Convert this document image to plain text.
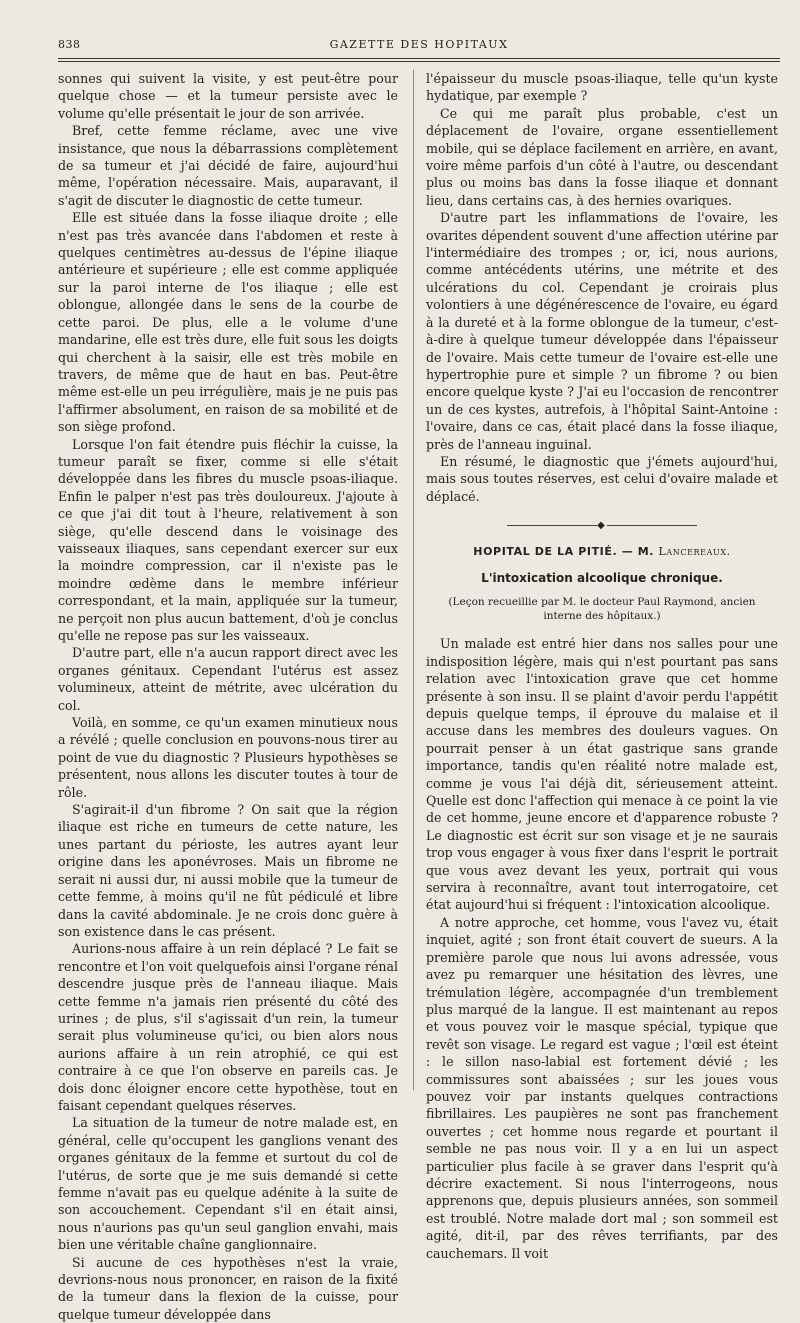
838	GAZETTE DES HOPITAUX

sonnes qui suivent la visite, y est peut-être pour quelque chose — et la tumeur persiste avec le volume qu'elle présentait le jour de son arrivée.

Bref, cette femme réclame, avec une vive insistance, que nous la débarrassions complètement de sa tumeur et j'ai décidé de faire, aujourd'hui même, l'opération nécessaire. Mais, auparavant, il s'agit de discuter le diagnostic de cette tumeur.

Elle est située dans la fosse iliaque droite ; elle n'est pas très avancée dans l'abdomen et reste à quelques centimètres au-dessus de l'épine iliaque antérieure et supérieure ; elle est comme appliquée sur la paroi interne de l'os iliaque ; elle est oblongue, allongée dans le sens de la courbe de cette paroi. De plus, elle a le volume d'une mandarine, elle est très dure, elle fuit sous les doigts qui cherchent à la saisir, elle est très mobile en travers, de même que de haut en bas. Peut-être même est-elle un peu irrégulière, mais je ne puis pas l'affirmer absolument, en raison de sa mobilité et de son siège profond.

Lorsque l'on fait étendre puis fléchir la cuisse, la tumeur paraît se fixer, comme si elle s'était développée dans les fibres du muscle psoas-iliaque. Enfin le palper n'est pas très douloureux. J'ajoute à ce que j'ai dit tout à l'heure, relativement à son siège, qu'elle descend dans le voisinage des vaisseaux iliaques, sans cependant exercer sur eux la moindre compression, car il n'existe pas le moindre œdème dans le membre inférieur correspondant, et la main, appliquée sur la tumeur, ne perçoit non plus aucun battement, d'où je conclus qu'elle ne repose pas sur les vaisseaux.

D'autre part, elle n'a aucun rapport direct avec les organes génitaux. Cependant l'utérus est assez volumineux, atteint de métrite, avec ulcération du col.

Voilà, en somme, ce qu'un examen minutieux nous a révélé ; quelle conclusion en pouvons-nous tirer au point de vue du diagnostic ? Plusieurs hypothèses se présentent, nous allons les discuter toutes à tour de rôle.

S'agirait-il d'un fibrome ? On sait que la région iliaque est riche en tumeurs de cette nature, les unes partant du périoste, les autres ayant leur origine dans les aponévroses. Mais un fibrome ne serait ni aussi dur, ni aussi mobile que la tumeur de cette femme, à moins qu'il ne fût pédiculé et libre dans la cavité abdominale. Je ne crois donc guère à son existence dans le cas présent.

Aurions-nous affaire à un rein déplacé ? Le fait se rencontre et l'on voit quelquefois ainsi l'organe rénal descendre jusque près de l'anneau iliaque. Mais cette femme n'a jamais rien présenté du côté des urines ; de plus, s'il s'agissait d'un rein, la tumeur serait plus volumineuse qu'ici, ou bien alors nous aurions affaire à un rein atrophié, ce qui est contraire à ce que l'on observe en pareils cas. Je dois donc éloigner encore cette hypothèse, tout en faisant cependant quelques réserves.

La situation de la tumeur de notre malade est, en général, celle qu'occupent les ganglions venant des organes génitaux de la femme et surtout du col de l'utérus, de sorte que je me suis demandé si cette femme n'avait pas eu quelque adénite à la suite de son accouchement. Cependant s'il en était ainsi, nous n'aurions pas qu'un seul ganglion envahi, mais bien une véritable chaîne ganglionnaire.

Si aucune de ces hypothèses n'est la vraie, devrions-nous nous prononcer, en raison de la fixité de la tumeur dans la flexion de la cuisse, pour quelque tumeur développée dans

l'épaisseur du muscle psoas-iliaque, telle qu'un kyste hydatique, par exemple ?

Ce qui me paraît plus probable, c'est un déplacement de l'ovaire, organe essentiellement mobile, qui se déplace facilement en arrière, en avant, voire même parfois d'un côté à l'autre, ou descendant plus ou moins bas dans la fosse iliaque et donnant lieu, dans certains cas, à des hernies ovariques.

D'autre part les inflammations de l'ovaire, les ovarites dépendent souvent d'une affection utérine par l'intermédiaire des trompes ; or, ici, nous aurions, comme antécédents utérins, une métrite et des ulcérations du col. Cependant je croirais plus volontiers à une dégénérescence de l'ovaire, eu égard à la dureté et à la forme oblongue de la tumeur, c'est-à-dire à quelque tumeur développée dans l'épaisseur de l'ovaire. Mais cette tumeur de l'ovaire est-elle une hypertrophie pure et simple ? un fibrome ? ou bien encore quelque kyste ? J'ai eu l'occasion de rencontrer un de ces kystes, autrefois, à l'hôpital Saint-Antoine : l'ovaire, dans ce cas, était placé dans la fosse iliaque, près de l'anneau inguinal.

En résumé, le diagnostic que j'émets aujourd'hui, mais sous toutes réserves, est celui d'ovaire malade et déplacé.

◆
HOPITAL DE LA PITIÉ. — M. Lancereaux.
L'intoxication alcoolique chronique.
(Leçon recueillie par M. le docteur Paul Raymond, ancien interne des hôpitaux.)

Un malade est entré hier dans nos salles pour une indisposition légère, mais qui n'est pourtant pas sans relation avec l'intoxication grave que cet homme présente à son insu. Il se plaint d'avoir perdu l'appétit depuis quelque temps, il éprouve du malaise et il accuse dans les membres des douleurs vagues. On pourrait penser à un état gastrique sans grande importance, tandis qu'en réalité notre malade est, comme je vous l'ai déjà dit, sérieusement atteint. Quelle est donc l'affection qui menace à ce point la vie de cet homme, jeune encore et d'apparence robuste ? Le diagnostic est écrit sur son visage et je ne saurais trop vous engager à vous fixer dans l'esprit le portrait que vous avez devant les yeux, portrait qui vous servira à reconnaître, avant tout interrogatoire, cet état aujourd'hui si fréquent : l'intoxication alcoolique.

A notre approche, cet homme, vous l'avez vu, était inquiet, agité ; son front était couvert de sueurs. A la première parole que nous lui avons adressée, vous avez pu remarquer une hésitation des lèvres, une trémulation légère, accompagnée d'un tremblement plus marqué de la langue. Il est maintenant au repos et vous pouvez voir le masque spécial, typique que revêt son visage. Le regard est vague ; l'œil est éteint : le sillon naso-labial est fortement dévié ; les commissures sont abaissées ; sur les joues vous pouvez voir par instants quelques contractions fibrillaires. Les paupières ne sont pas franchement ouvertes ; cet homme nous regarde et pourtant il semble ne pas nous voir. Il y a en lui un aspect particulier plus facile à se graver dans l'esprit qu'à décrire exactement. Si nous l'interrogeons, nous apprenons que, depuis plusieurs années, son sommeil est troublé. Notre malade dort mal ; son sommeil est agité, dit-il, par des rêves terrifiants, par des cauchemars. Il voit
